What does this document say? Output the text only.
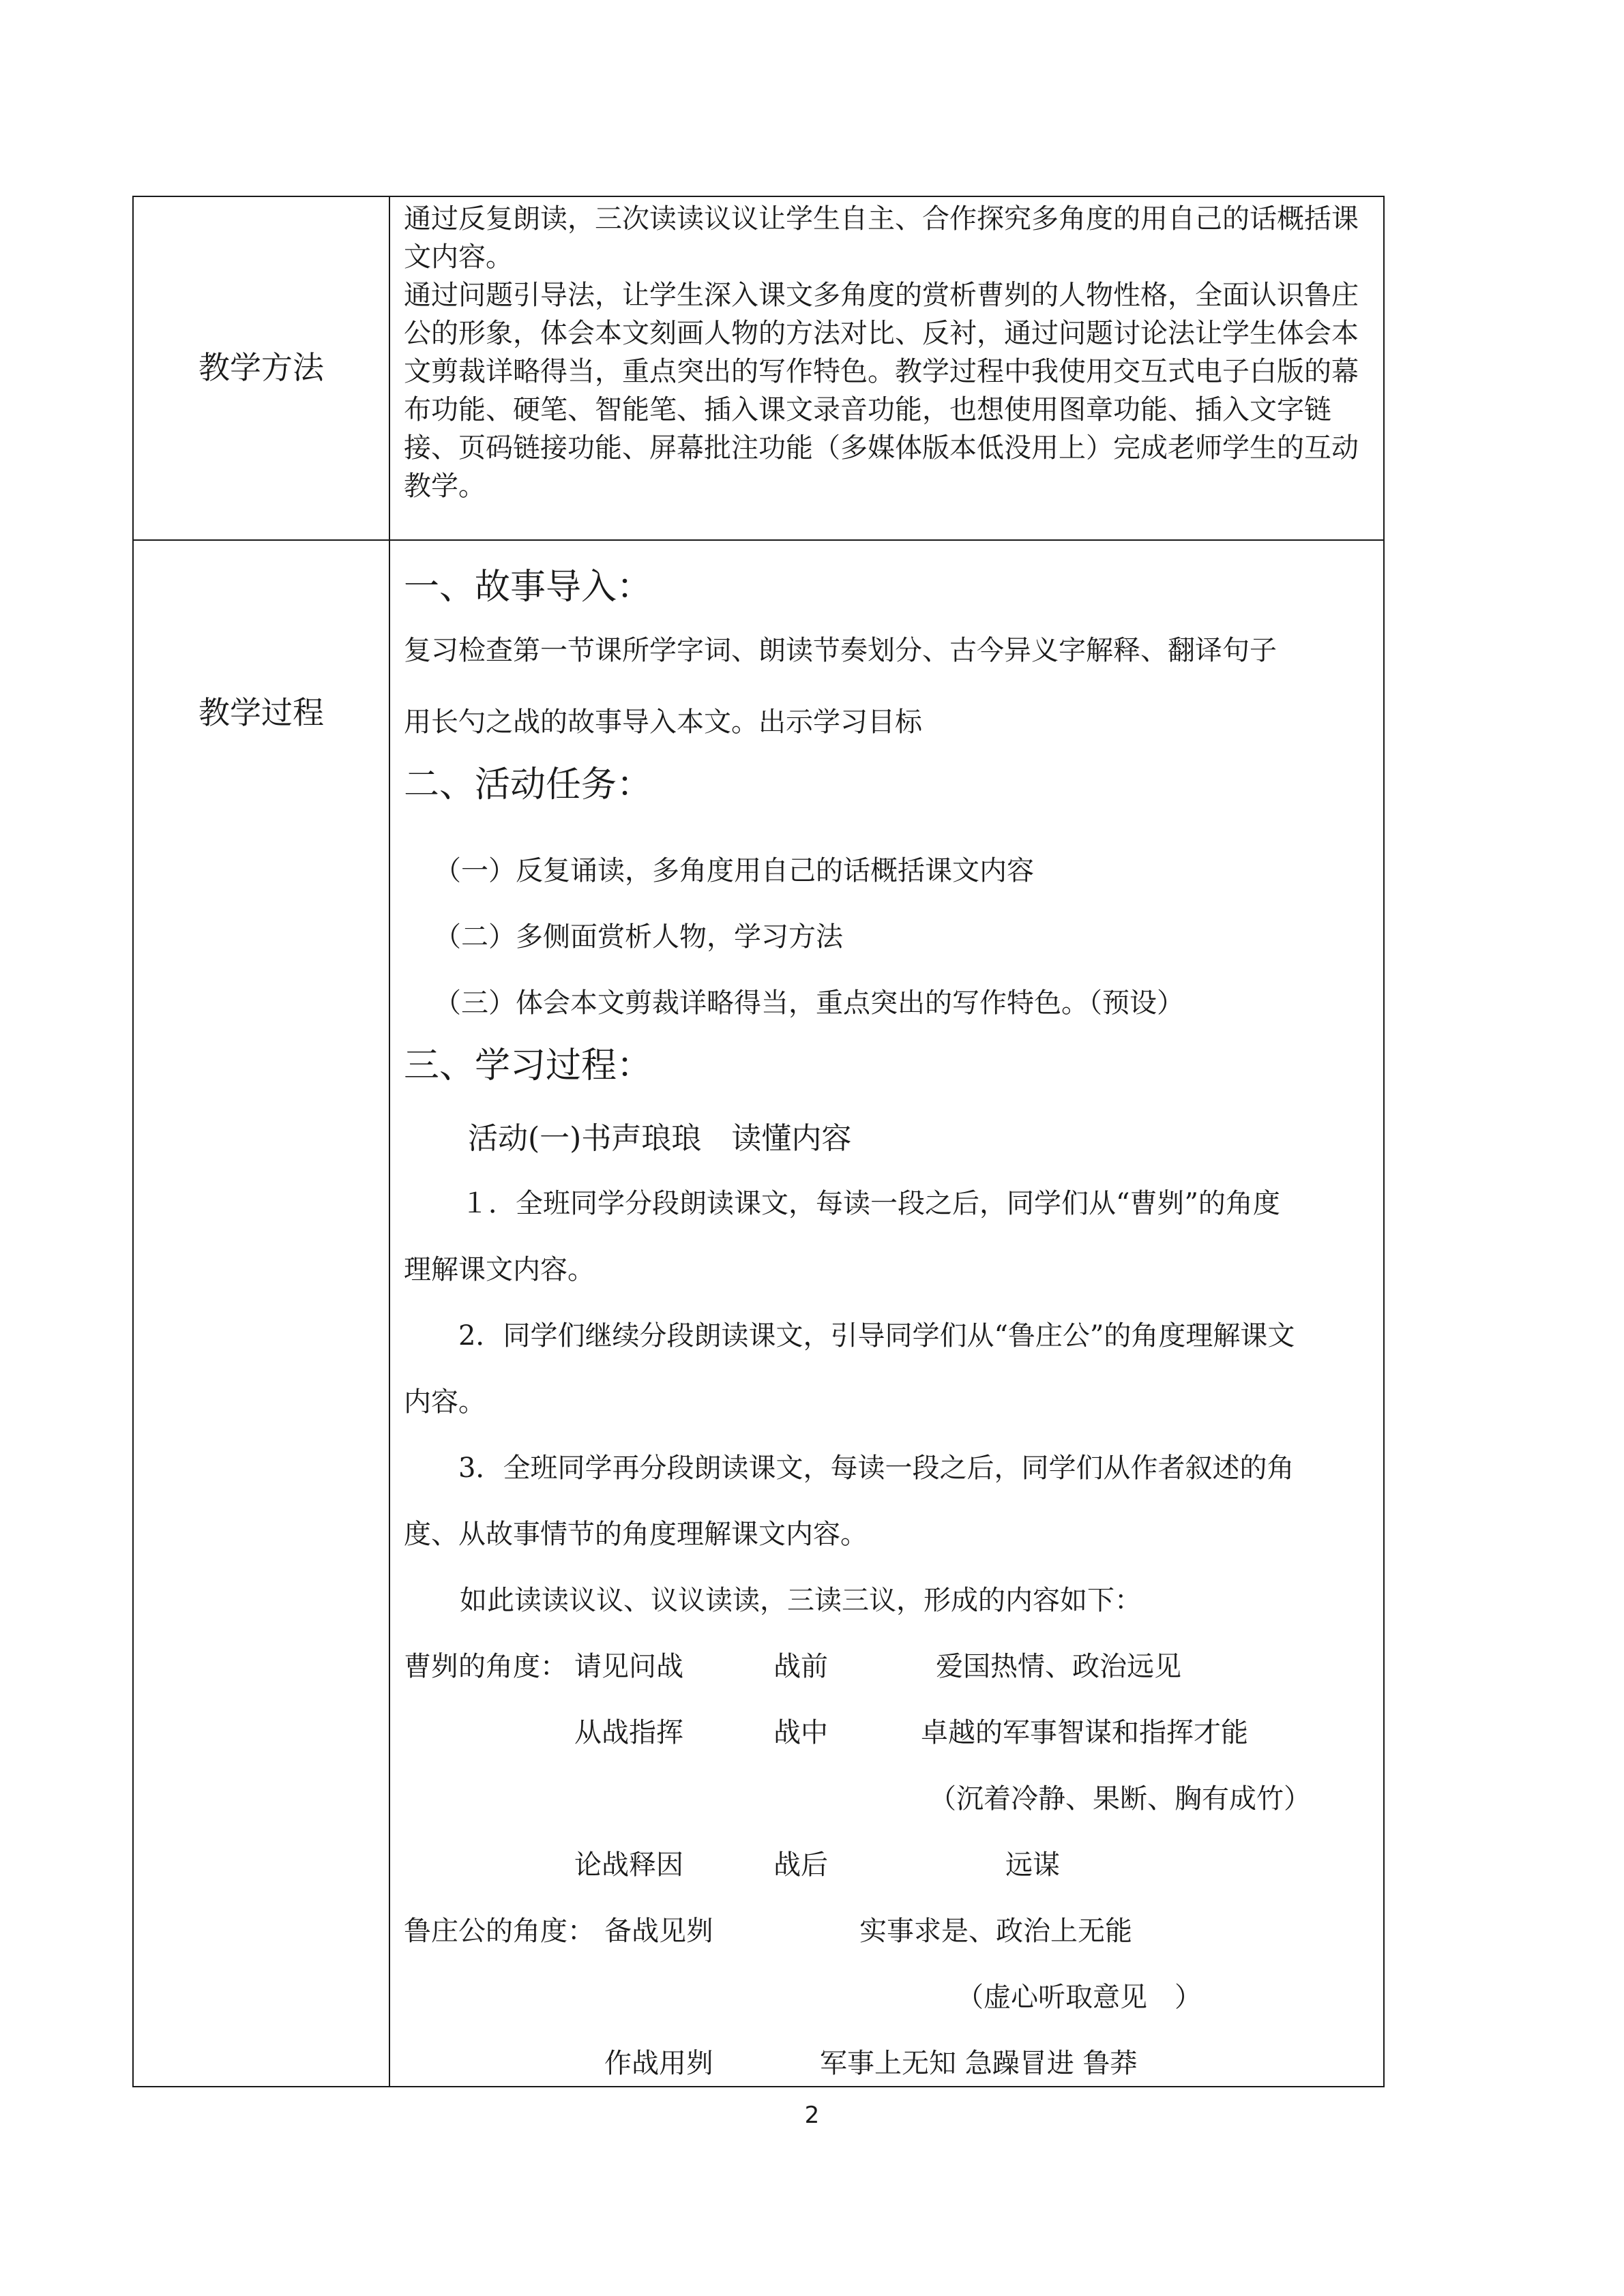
教学方法

通过反复朗读，三次读读议议让学生自主、合作探究多角度的用自己的话概括课文内容。

通过问题引导法，让学生深入课文多角度的赏析曹刿的人物性格，全面认识鲁庄公的形象，体会本文刻画人物的方法对比、反衬，通过问题讨论法让学生体会本文剪裁详略得当，重点突出的写作特色。教学过程中我使用交互式电子白版的幕布功能、硬笔、智能笔、插入课文录音功能，也想使用图章功能、插入文字链接、页码链接功能、屏幕批注功能（多媒体版本低没用上）完成老师学生的互动教学。

教学过程
一、故事导入：
复习检查第一节课所学字词、朗读节奏划分、古今异义字解释、翻译句子
用长勺之战的故事导入本文。出示学习目标
二、活动任务：
（一）反复诵读，多角度用自己的话概括课文内容
（二）多侧面赏析人物，学习方法
（三）体会本文剪裁详略得当，重点突出的写作特色。（预设）
三、学习过程：
活动(一)书声琅琅　读懂内容
１．全班同学分段朗读课文，每读一段之后，同学们从“曹刿”的角度
理解课文内容。
2．同学们继续分段朗读课文，引导同学们从“鲁庄公”的角度理解课文
内容。
3．全班同学再分段朗读课文，每读一段之后，同学们从作者叙述的角
度、从故事情节的角度理解课文内容。
如此读读议议、议议读读，三读三议，形成的内容如下：
曹刿的角度： 请见问战	战前	爱国热情、政治远见
从战指挥	战中	卓越的军事智谋和指挥才能
（沉着冷静、果断、胸有成竹）
论战释因	战后	远谋
鲁庄公的角度： 备战见刿	实事求是、政治上无能
（虚心听取意见　）
作战用刿	军事上无知 急躁冒进 鲁莽
2
